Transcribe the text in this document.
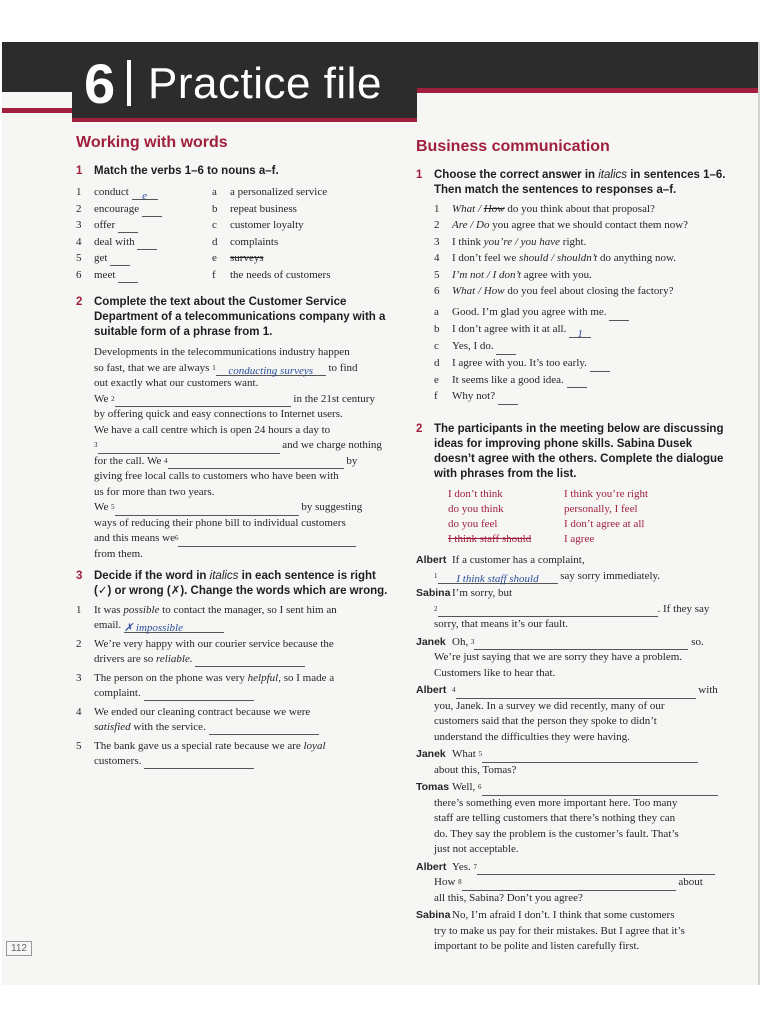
6 Practice file
Working with words
1	Match the verbs 1–6 to nouns a–f.
1	conduct e	a	a personalized service
2	encourage	b	repeat business
3	offer	c	customer loyalty
4	deal with	d	complaints
5	get	e	surveys
6	meet	f	the needs of customers
2	Complete the text about the Customer Service
Department of a telecommunications company with a
suitable form of a phrase from 1.
Developments in the telecommunications industry happen
so fast, that we are always
1	conducting surveys
	to find
out exactly what our customers want.
We
2
	in the 21st century
by offering quick and easy connections to Internet users.
We have a call centre which is open 24 hours a day to
3
	and we charge nothing
for the call. We
4
	by
giving free local calls to customers who have been with
us for more than two years.
We
5
	by suggesting
ways of reducing their phone bill to individual customers
and this means we 6
from them.
3	Decide if the word in italics in each sentence is right
(✓) or wrong (✗). Change the words which are wrong.
1	It was possible to contact the manager, so I sent him an
email.
✗ impossible
2	We’re very happy with our courier service because the
drivers are so
reliable.

3	The person on the phone was very helpful, so I made a
complaint.

4	We ended our cleaning contract because we were
satisfied
with the service.

5	The bank gave us a special rate because we are loyal
customers.

Business communication
1	Choose the correct answer in italics in sentences 1–6.
Then match the sentences to responses a–f.
1	What / How do you think about that proposal?
2	Are / Do you agree that we should contact them now?
3	I think you’re / you have right.
4	I don’t feel we should / shouldn’t do anything now.
5	I’m not / I don’t agree with you.
6	What / How do you feel about closing the factory?
a	Good. I’m glad you agree with me.

b	I don’t agree with it at all.
	1
c	Yes, I do.

d	I agree with you. It’s too early.

e	It seems like a good idea.

f	Why not?

2	The participants in the meeting below are discussing
ideas for improving phone skills. Sabina Dusek
doesn’t agree with the others. Complete the dialogue
with phrases from the list.
I don’t think	I think you’re right
do you think	personally, I feel
do you feel	I don’t agree at all
I think staff should	I agree
Albert If a customer has a complaint,
1	I think staff should
	say sorry immediately.
Sabina I’m sorry, but
2	. If they say
sorry, that means it’s our fault.
Janek Oh,
3
	so.
We’re just saying that we are sorry they have a problem.
Customers like to hear that.
Albert 4
	with
you, Janek. In a survey we did recently, many of our
customers said that the person they spoke to didn’t
understand the difficulties they were having.
Janek What
5
about this, Tomas?
Tomas Well,
6
there’s something even more important here. Too many
staff are telling customers that there’s nothing they can
do. They say the problem is the customer’s fault. That’s
just not acceptable.
Albert Yes.
7
How
8
	about
all this, Sabina? Don’t you agree?
Sabina No, I’m afraid I don’t. I think that some customers
try to make us pay for their mistakes. But I agree that it’s
important to be polite and listen carefully first.
112
